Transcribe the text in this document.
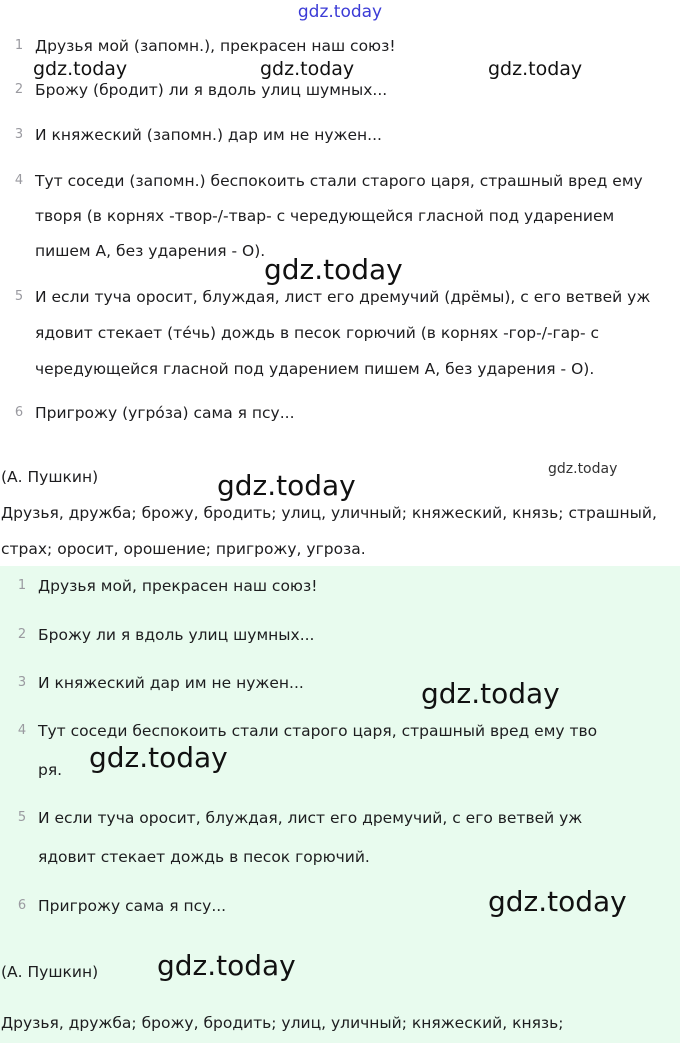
gdz.today
1 Друзья мой (запомн.), прекрасен наш союз!
2 Брожу (бродит) ли я вдоль улиц шумных...
3 И княжеский (запомн.) дар им не нужен...
4 Тут соседи (запомн.) беспокоить стали старого царя, страшный вред ему
творя (в корнях -твор-/-твар- с чередующейся гласной под ударением
пишем А, без ударения - О).
5 И если туча оросит, блуждая, лист его дремучий (дрёмы), с его ветвей уж
ядовит стекает (тéчь) дождь в песок горючий (в корнях -гор-/-гар- с
чередующейся гласной под ударением пишем А, без ударения - О).
6 Пригрожу (угрóза) сама я псу...
(А. Пушкин)
Друзья, дружба; брожу, бродить; улиц, уличный; княжеский, князь; страшный,
страх; оросит, орошение; пригрожу, угроза.
1 Друзья мой, прекрасен наш союз!
2 Брожу ли я вдоль улиц шумных...
3 И княжеский дар им не нужен...
4 Тут соседи беспокоить стали старого царя, страшный вред ему тво
ря.
5 И если туча оросит, блуждая, лист его дремучий, с его ветвей уж
ядовит стекает дождь в песок горючий.
6 Пригрожу сама я псу...
(А. Пушкин)
Друзья, дружба; брожу, бродить; улиц, уличный; княжеский, князь;
gdz.today	gdz.today	gdz.today
gdz.today
gdz.today
gdz.today
gdz.today
gdz.today
gdz.today
gdz.today
